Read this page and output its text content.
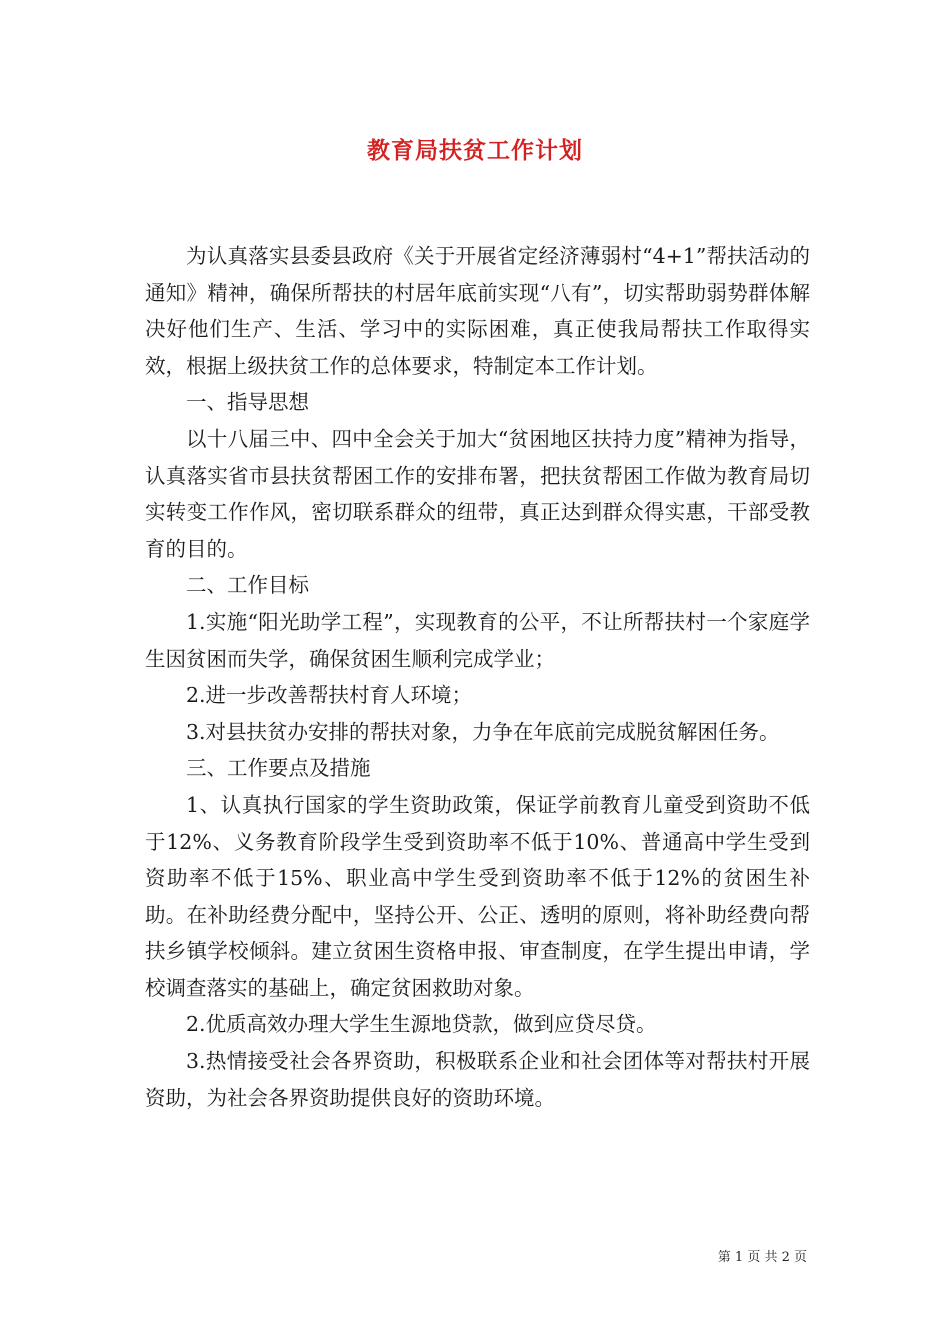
教育局扶贫工作计划

为认真落实县委县政府《关于开展省定经济薄弱村“4+1”帮扶活动的通知》精神，确保所帮扶的村居年底前实现“八有”，切实帮助弱势群体解决好他们生产、生活、学习中的实际困难，真正使我局帮扶工作取得实效，根据上级扶贫工作的总体要求，特制定本工作计划。

一、指导思想

以十八届三中、四中全会关于加大“贫困地区扶持力度”精神为指导，认真落实省市县扶贫帮困工作的安排布署，把扶贫帮困工作做为教育局切实转变工作作风，密切联系群众的纽带，真正达到群众得实惠，干部受教育的目的。

二、工作目标

1.实施“阳光助学工程”，实现教育的公平，不让所帮扶村一个家庭学生因贫困而失学，确保贫困生顺利完成学业；

2.进一步改善帮扶村育人环境；

3.对县扶贫办安排的帮扶对象，力争在年底前完成脱贫解困任务。

三、工作要点及措施

1、认真执行国家的学生资助政策，保证学前教育儿童受到资助不低于12%、义务教育阶段学生受到资助率不低于10%、普通高中学生受到资助率不低于15%、职业高中学生受到资助率不低于12%的贫困生补助。在补助经费分配中，坚持公开、公正、透明的原则，将补助经费向帮扶乡镇学校倾斜。建立贫困生资格申报、审查制度，在学生提出申请，学校调查落实的基础上，确定贫困救助对象。

2.优质高效办理大学生生源地贷款，做到应贷尽贷。

3.热情接受社会各界资助，积极联系企业和社会团体等对帮扶村开展资助，为社会各界资助提供良好的资助环境。

第 1 页 共 2 页
